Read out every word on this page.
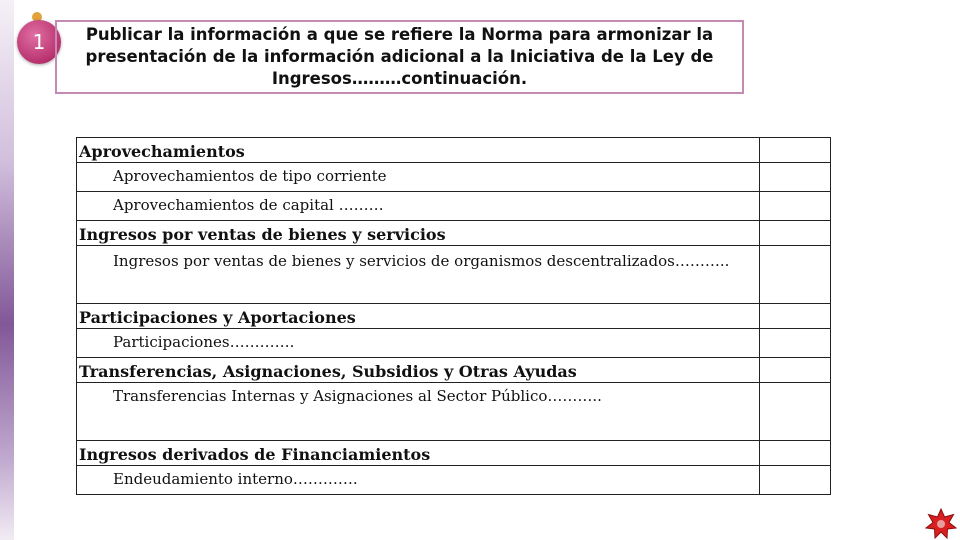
1	Publicar la información a que se refiere la Norma para armonizar la presentación de la información adicional a la Iniciativa de la Ley de Ingresos………continuación.
Aprovechamientos	

Aprovechamientos de tipo corriente	

Aprovechamientos de capital ………	

Ingresos por ventas de bienes y servicios	

Ingresos por ventas de bienes y servicios de organismos descentralizados………..	

Participaciones y Aportaciones	

Participaciones………….	

Transferencias, Asignaciones, Subsidios y Otras Ayudas	

Transferencias Internas y Asignaciones al Sector Público………..	

Ingresos derivados de Financiamientos	

Endeudamiento interno………….	
